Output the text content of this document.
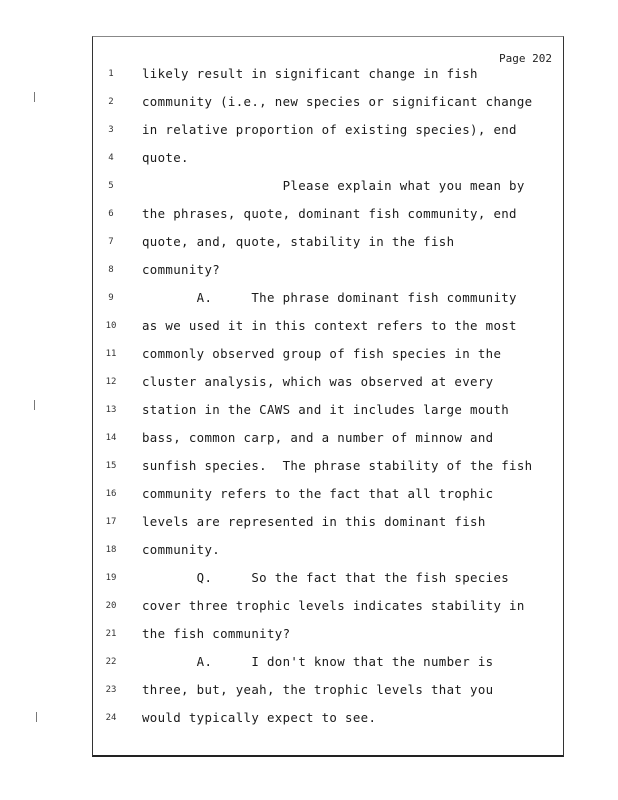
Page 202
1	likely result in significant change in fish
2	community (i.e., new species or significant change
3	in relative proportion of existing species), end
4	quote.
5	Please explain what you mean by
6	the phrases, quote, dominant fish community, end
7	quote, and, quote, stability in the fish
8	community?
9	A.     The phrase dominant fish community
10 as we used it in this context refers to the most
11 commonly observed group of fish species in the
12 cluster analysis, which was observed at every
13 station in the CAWS and it includes large mouth
14 bass, common carp, and a number of minnow and
15 sunfish species.  The phrase stability of the fish
16 community refers to the fact that all trophic
17 levels are represented in this dominant fish
18 community.
19 Q.     So the fact that the fish species
20 cover three trophic levels indicates stability in
21 the fish community?
22 A.     I don't know that the number is
23 three, but, yeah, the trophic levels that you
24 would typically expect to see.
